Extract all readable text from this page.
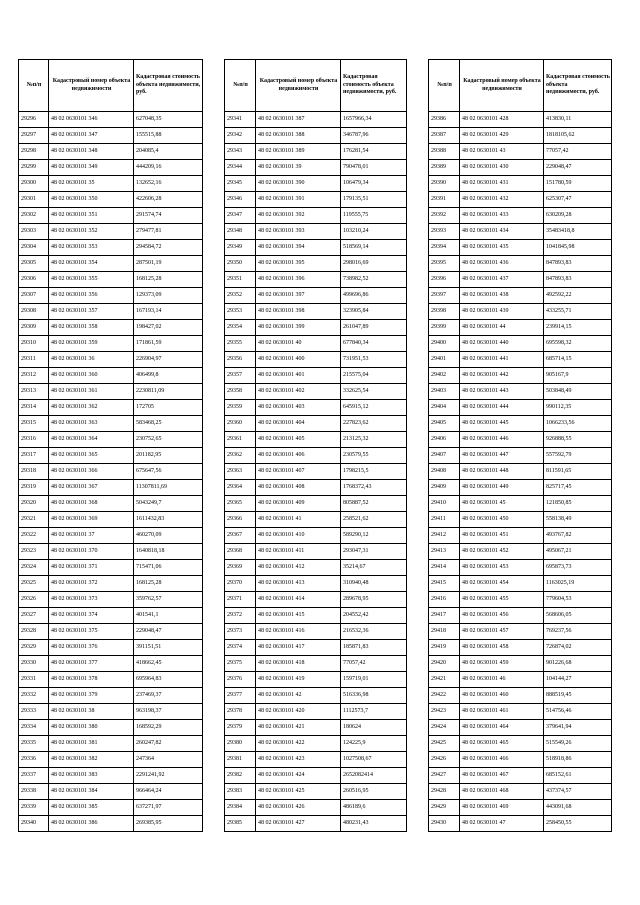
№п/п	Кадастровый номер объекта недвижимости	Кадастровая стоимость объекта недвижимости, руб.
29296	48 02 0630101 346	627048,35
29297	48 02 0630101 347	155515,88
29298	48 02 0630101 348	204085,4
29299	48 02 0630101 349	444209,16
29300	48 02 0630101 35	132652,16
29301	48 02 0630101 350	422606,28
29302	48 02 0630101 351	291574,74
29303	48 02 0630101 352	279477,81
29304	48 02 0630101 353	294584,72
29305	48 02 0630101 354	287501,19
29306	48 02 0630101 355	168125,28
29307	48 02 0630101 356	129373,09
29308	48 02 0630101 357	167193,14
29309	48 02 0630101 358	198427,02
29310	48 02 0630101 359	171861,59
29311	48 02 0630101 36	226904,97
29312	48 02 0630101 360	406499,8
29313	48 02 0630101 361	2230811,09
29314	48 02 0630101 362	172705
29315	48 02 0630101 363	583468,25
29316	48 02 0630101 364	230752,65
29317	48 02 0630101 365	201182,95
29318	48 02 0630101 366	675647,56
29319	48 02 0630101 367	11307811,69
29320	48 02 0630101 368	5043249,7
29321	48 02 0630101 369	1611432,83
29322	48 02 0630101 37	460270,09
29323	48 02 0630101 370	1640818,18
29324	48 02 0630101 371	715471,06
29325	48 02 0630101 372	168125,28
29326	48 02 0630101 373	359762,57
29327	48 02 0630101 374	401541,1
29328	48 02 0630101 375	229048,47
29329	48 02 0630101 376	391151,51
29330	48 02 0630101 377	418662,45
29331	48 02 0630101 378	695964,83
29332	48 02 0630101 379	237469,37
29333	48 02 0630101 38	963198,37
29334	48 02 0630101 380	168592,29
29335	48 02 0630101 381	260247,82
29336	48 02 0630101 382	247364
29337	48 02 0630101 383	2291241,92
29338	48 02 0630101 384	966464,24
29339	48 02 0630101 385	637271,97
29340	48 02 0630101 386	269385,95
№п/п	Кадастровый номер объекта недвижимости	Кадастровая стоимость объекта недвижимости, руб.
29341	48 02 0630101 387	1657966,34
29342	48 02 0630101 388	346787,96
29343	48 02 0630101 389	176281,54
29344	48 02 0630101 39	790478,01
29345	48 02 0630101 390	106479,34
29346	48 02 0630101 391	179135,51
29347	48 02 0630101 392	119555,75
29348	48 02 0630101 393	103210,24
29349	48 02 0630101 394	518569,14
29350	48 02 0630101 395	298016,69
29351	48 02 0630101 396	738982,52
29352	48 02 0630101 397	499696,86
29353	48 02 0630101 398	323905,84
29354	48 02 0630101 399	261047,89
29355	48 02 0630101 40	677840,34
29356	48 02 0630101 400	731951,53
29357	48 02 0630101 401	215575,04
29358	48 02 0630101 402	332625,54
29359	48 02 0630101 403	645915,12
29360	48 02 0630101 404	227823,62
29361	48 02 0630101 405	213125,32
29362	48 02 0630101 406	230579,55
29363	48 02 0630101 407	1798215,5
29364	48 02 0630101 408	1768372,43
29365	48 02 0630101 409	805887,52
29366	48 02 0630101 41	258521,62
29367	48 02 0630101 410	589290,12
29368	48 02 0630101 411	293047,31
29369	48 02 0630101 412	35214,67
29370	48 02 0630101 413	310940,48
29371	48 02 0630101 414	289678,95
29372	48 02 0630101 415	204552,42
29373	48 02 0630101 416	216532,36
29374	48 02 0630101 417	185871,83
29375	48 02 0630101 418	77057,42
29376	48 02 0630101 419	159719,01
29377	48 02 0630101 42	516336,98
29378	48 02 0630101 420	1112573,7
29379	48 02 0630101 421	180624
29380	48 02 0630101 422	124225,9
29381	48 02 0630101 423	1027508,67
29382	48 02 0630101 424	2652082414
29383	48 02 0630101 425	260516,95
29384	48 02 0630101 426	486189,6
29385	48 02 0630101 427	480231,43
№п/п	Кадастровый номер объекта недвижимости	Кадастровая стоимость объекта недвижимости, руб.
29386	48 02 0630101 428	413830,11
29387	48 02 0630101 429	1818105,62
29388	48 02 0630101 43	77057,42
29389	48 02 0630101 430	229048,47
29390	48 02 0630101 431	151780,59
29391	48 02 0630101 432	625307,47
29392	48 02 0630101 433	630209,28
29393	48 02 0630101 434	35483418,8
29394	48 02 0630101 435	1041845,98
29395	48 02 0630101 436	847893,83
29396	48 02 0630101 437	847893,83
29397	48 02 0630101 438	492592,22
29398	48 02 0630101 439	433255,71
29399	48 02 0630101 44	239914,15
29400	48 02 0630101 440	695598,32
29401	48 02 0630101 441	685714,15
29402	48 02 0630101 442	905167,9
29403	48 02 0630101 443	503848,49
29404	48 02 0630101 444	990112,35
29405	48 02 0630101 445	1066233,56
29406	48 02 0630101 446	926888,55
29407	48 02 0630101 447	557592,79
29408	48 02 0630101 448	811591,65
29409	48 02 0630101 449	825717,45
29410	48 02 0630101 45	121850,85
29411	48 02 0630101 450	558138,49
29412	48 02 0630101 451	493767,82
29413	48 02 0630101 452	495067,21
29414	48 02 0630101 453	695873,73
29415	48 02 0630101 454	1163025,19
29416	48 02 0630101 455	779604,53
29417	48 02 0630101 456	568606,05
29418	48 02 0630101 457	769237,56
29419	48 02 0630101 458	726874,02
29420	48 02 0630101 459	901226,68
29421	48 02 0630101 46	104144,27
29422	48 02 0630101 460	888519,45
29423	48 02 0630101 461	514756,46
29424	48 02 0630101 464	379641,94
29425	48 02 0630101 465	515549,26
29426	48 02 0630101 466	518918,86
29427	48 02 0630101 467	685152,61
29428	48 02 0630101 468	437374,57
29429	48 02 0630101 469	443091,68
29430	48 02 0630101 47	258450,55
